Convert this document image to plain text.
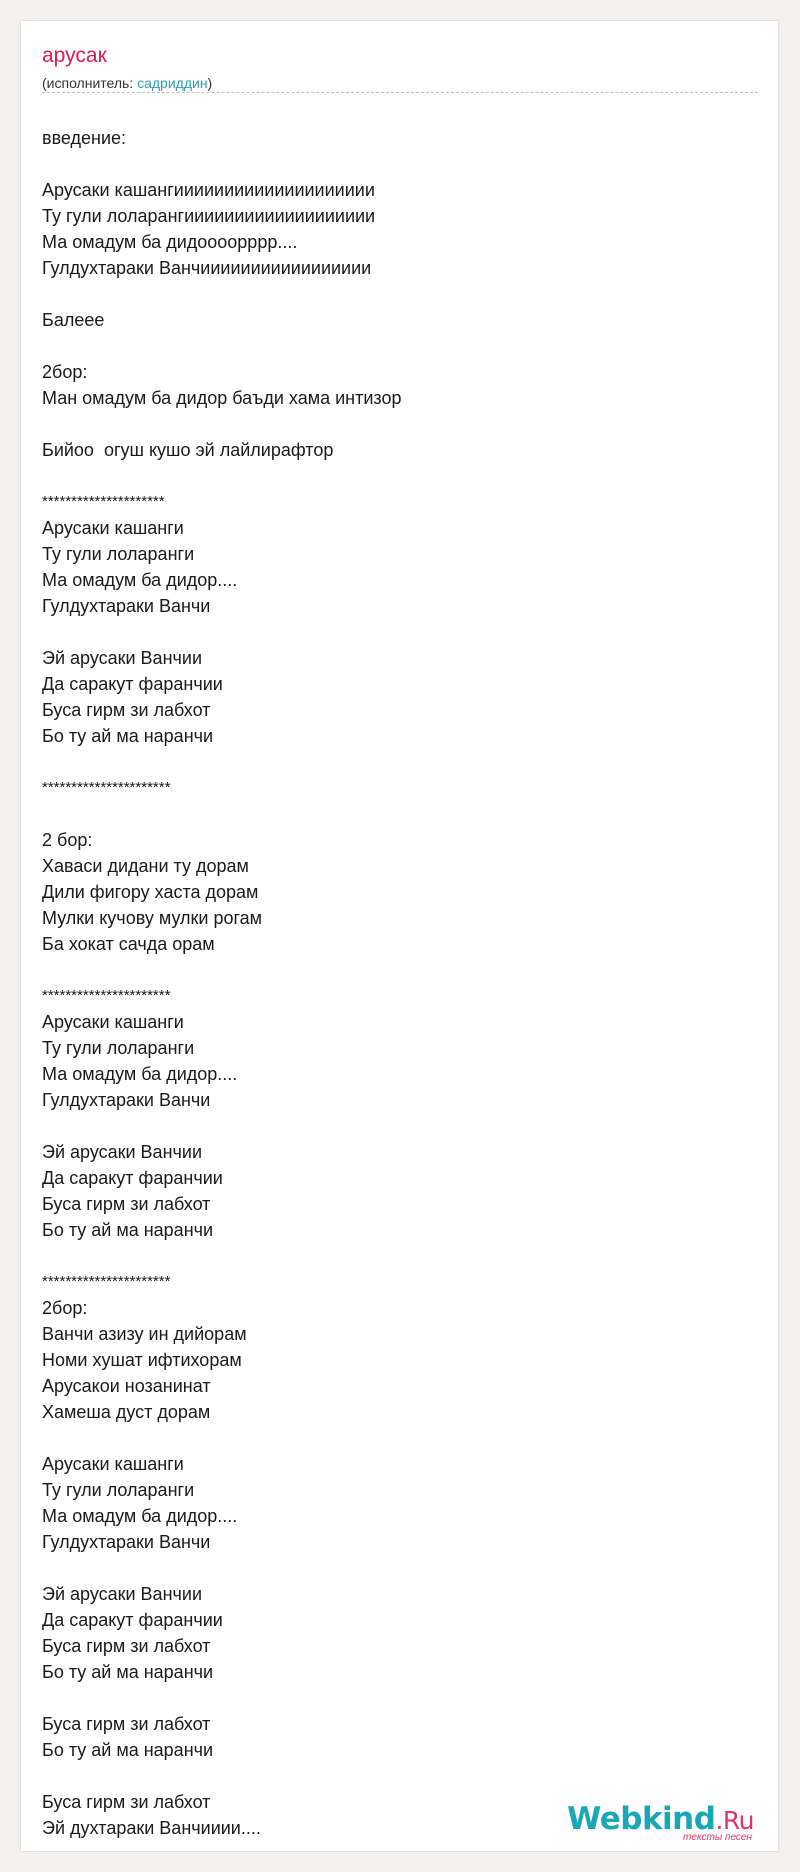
арусак
(исполнитель: садриддин)
введение:
Арусаки кашангииииииииииииииииииии
Ту гули лоларангиииииииииииииииииии
Ма омадум ба дидоооорррр....
Гулдухтараки Ванчиииииииииииииииии
Балеее
2бор:
Ман омадум ба дидор баъди хама интизор
Бийоо  огуш кушо эй лайлирафтор
*********************
Арусаки кашанги
Ту гули лоларанги
Ма омадум ба дидор....
Гулдухтараки Ванчи
Эй арусаки Ванчии
Да саракут фаранчии
Буса гирм зи лабхот
Бо ту ай ма наранчи
**********************
2 бор:
Хаваси дидани ту дорам
Дили фигору хаста дорам
Мулки кучову мулки рогам
Ба хокат сачда орам
**********************
Арусаки кашанги
Ту гули лоларанги
Ма омадум ба дидор....
Гулдухтараки Ванчи
Эй арусаки Ванчии
Да саракут фаранчии
Буса гирм зи лабхот
Бо ту ай ма наранчи
**********************
2бор:
Ванчи азизу ин дийорам
Номи хушат ифтихорам
Арусакои нозанинат
Хамеша дуст дорам
Арусаки кашанги
Ту гули лоларанги
Ма омадум ба дидор....
Гулдухтараки Ванчи
Эй арусаки Ванчии
Да саракут фаранчии
Буса гирм зи лабхот
Бо ту ай ма наранчи
Буса гирм зи лабхот
Бо ту ай ма наранчи
Буса гирм зи лабхот
Эй духтараки Ванчииии....	Webkind.Ru
тексты песен
